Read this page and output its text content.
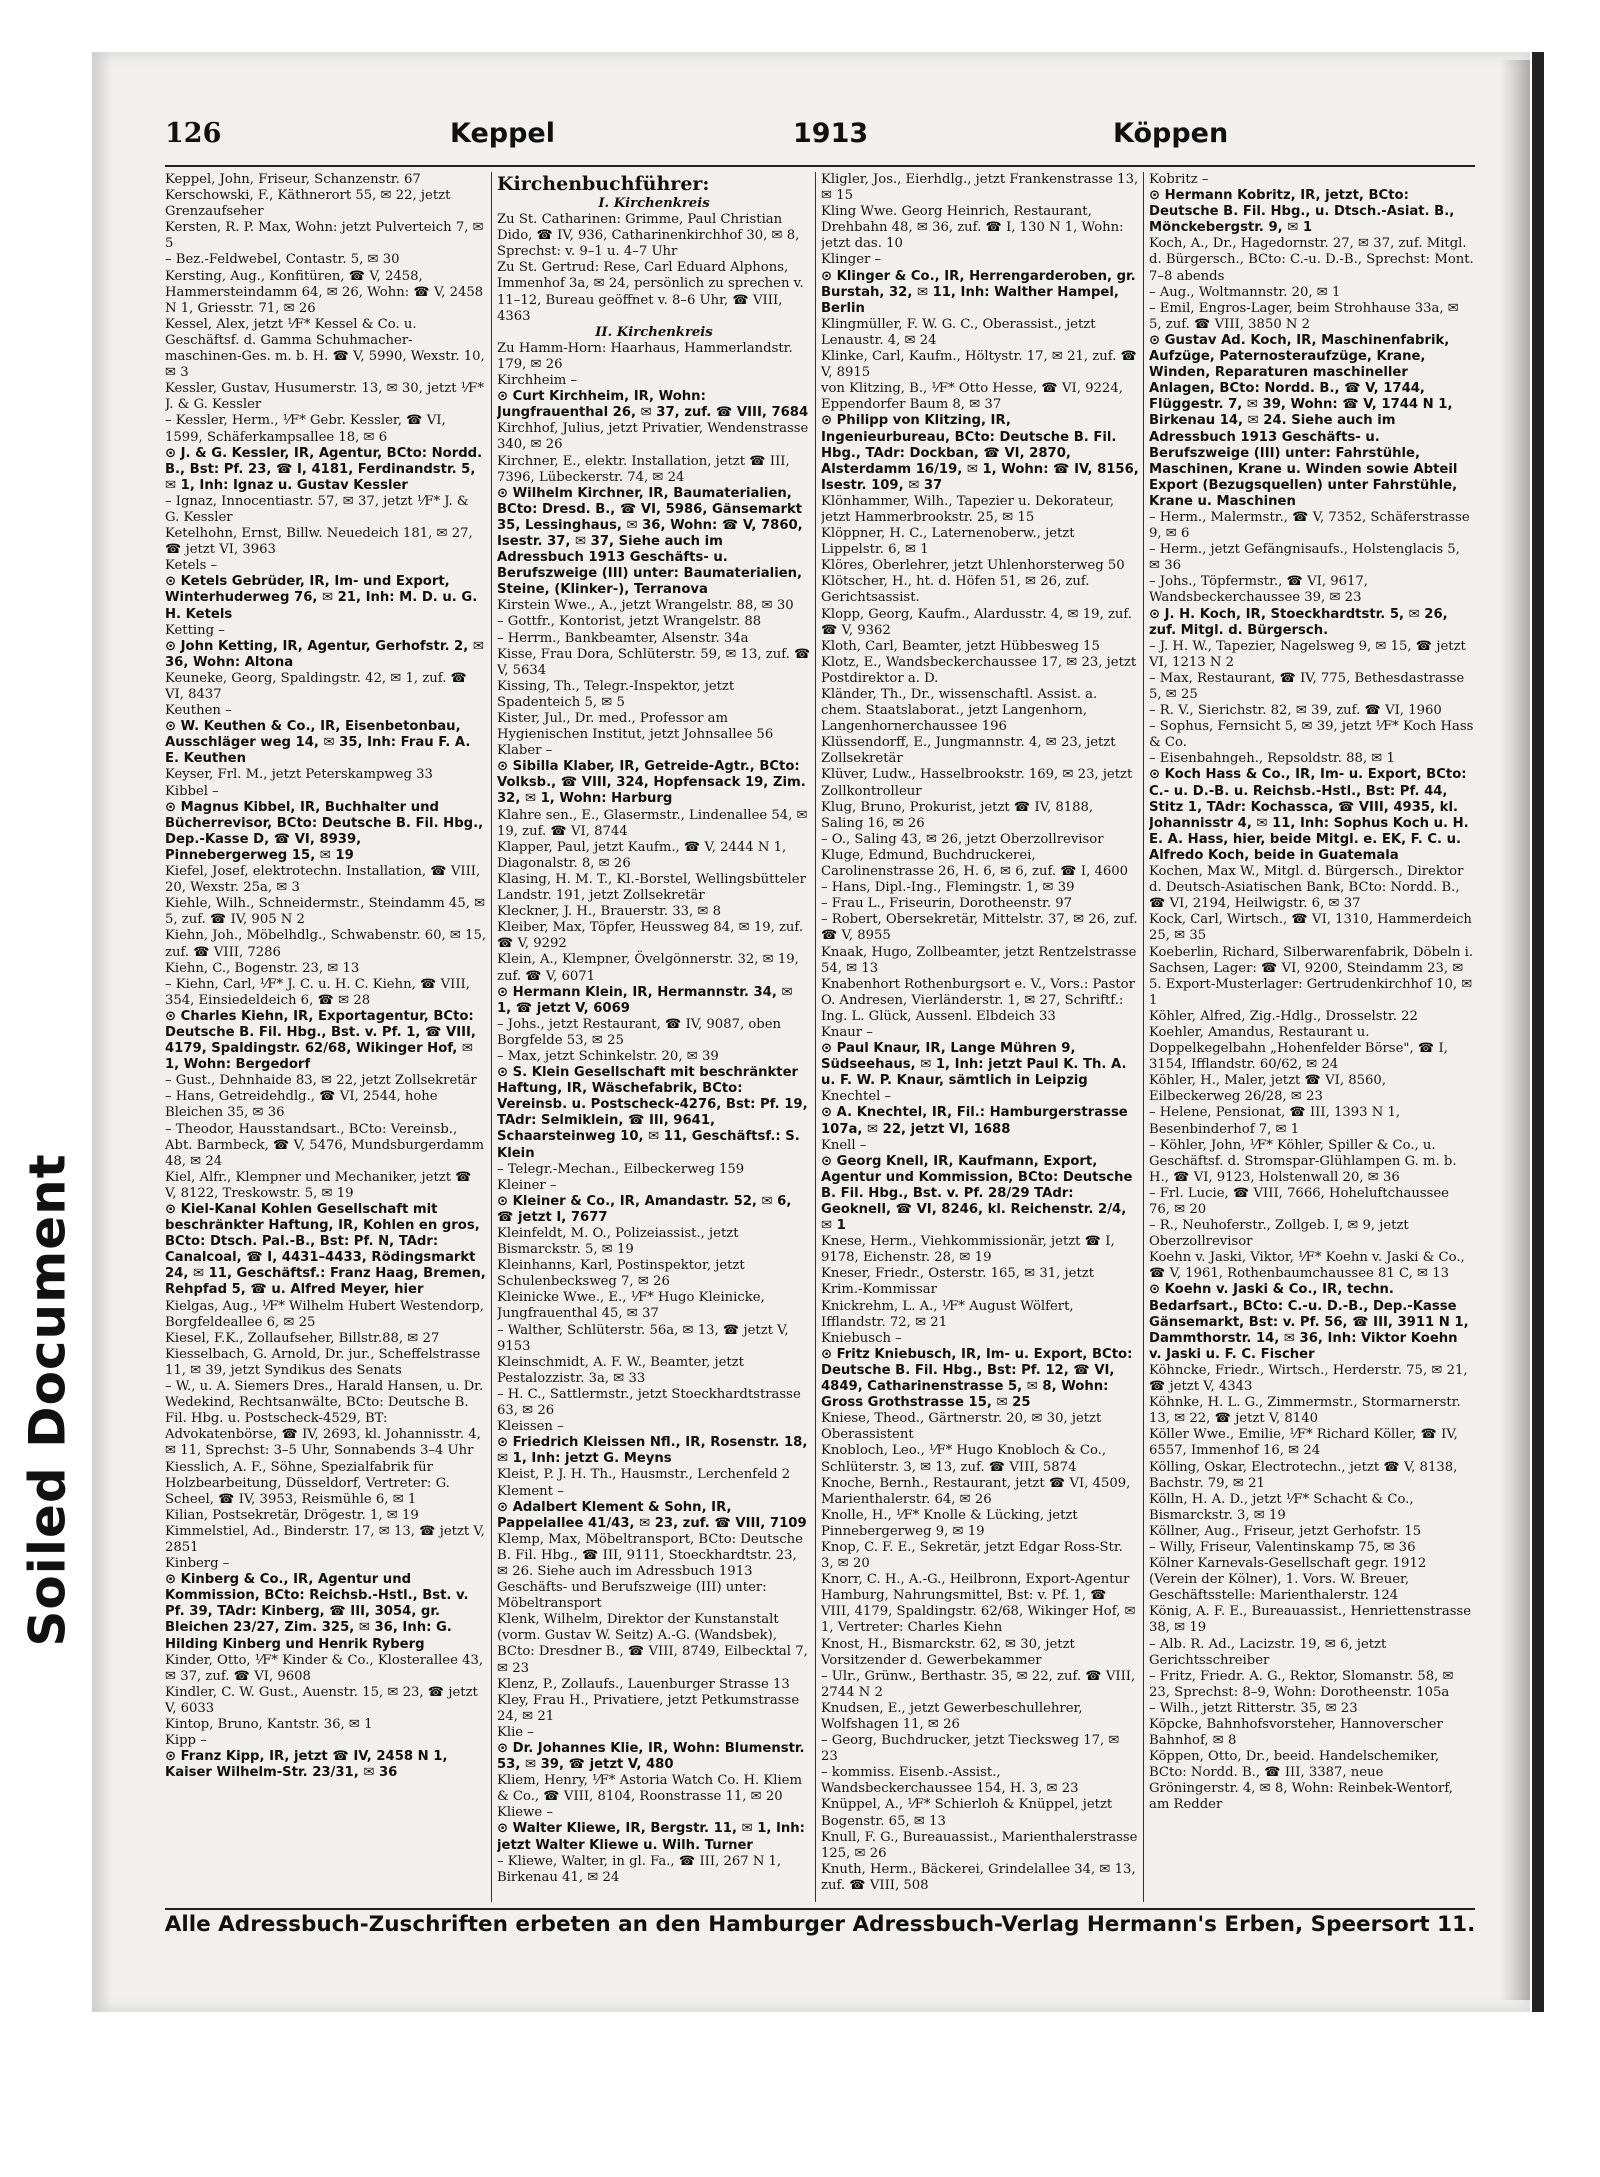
Soiled Document
126	Keppel	1913	Köppen

Keppel, John, Friseur, Schanzenstr. 67

Kerschowski, F., Käthnerort 55, ✉ 22, jetzt Grenzaufseher

Kersten, R. P. Max, Wohn: jetzt Pulverteich 7, ✉ 5

– Bez.-Feldwebel, Contastr. 5, ✉ 30

Kersting, Aug., Konfitüren, ☎ V, 2458, Hammersteindamm 64, ✉ 26, Wohn: ☎ V, 2458 N 1, Griesstr. 71, ✉ 26

Kessel, Alex, jetzt ⅟F* Kessel & Co. u. Geschäftsf. d. Gamma Schuhmacher-maschinen-Ges. m. b. H. ☎ V, 5990, Wexstr. 10, ✉ 3

Kessler, Gustav, Husumerstr. 13, ✉ 30, jetzt ⅟F* J. & G. Kessler

– Kessler, Herm., ⅟F* Gebr. Kessler, ☎ VI, 1599, Schäferkampsallee 18, ✉ 6

⊙ J. & G. Kessler, IR, Agentur, BCto: Nordd. B., Bst: Pf. 23, ☎ I, 4181, Ferdinandstr. 5, ✉ 1, Inh: Ignaz u. Gustav Kessler

– Ignaz, Innocentiastr. 57, ✉ 37, jetzt ⅟F* J. & G. Kessler

Ketelhohn, Ernst, Billw. Neuedeich 181, ✉ 27, ☎ jetzt VI, 3963

Ketels –

⊙ Ketels Gebrüder, IR, Im- und Export, Winterhuderweg 76, ✉ 21, Inh: M. D. u. G. H. Ketels

Ketting –

⊙ John Ketting, IR, Agentur, Gerhofstr. 2, ✉ 36, Wohn: Altona

Keuneke, Georg, Spaldingstr. 42, ✉ 1, zuf. ☎ VI, 8437

Keuthen –

⊙ W. Keuthen & Co., IR, Eisenbetonbau, Ausschläger weg 14, ✉ 35, Inh: Frau F. A. E. Keuthen

Keyser, Frl. M., jetzt Peterskampweg 33

Kibbel –

⊙ Magnus Kibbel, IR, Buchhalter und Bücherrevisor, BCto: Deutsche B. Fil. Hbg., Dep.-Kasse D, ☎ VI, 8939, Pinnebergerweg 15, ✉ 19

Kiefel, Josef, elektrotechn. Installation, ☎ VIII, 20, Wexstr. 25a, ✉ 3

Kiehle, Wilh., Schneidermstr., Steindamm 45, ✉ 5, zuf. ☎ IV, 905 N 2

Kiehn, Joh., Möbelhdlg., Schwabenstr. 60, ✉ 15, zuf. ☎ VIII, 7286

Kiehn, C., Bogenstr. 23, ✉ 13

– Kiehn, Carl, ⅟F* J. C. u. H. C. Kiehn, ☎ VIII, 354, Einsiedeldeich 6, ☎ ✉ 28

⊙ Charles Kiehn, IR, Exportagentur, BCto: Deutsche B. Fil. Hbg., Bst. v. Pf. 1, ☎ VIII, 4179, Spaldingstr. 62/68, Wikinger Hof, ✉ 1, Wohn: Bergedorf

– Gust., Dehnhaide 83, ✉ 22, jetzt Zollsekretär

– Hans, Getreidehdlg., ☎ VI, 2544, hohe Bleichen 35, ✉ 36

– Theodor, Hausstandsart., BCto: Vereinsb., Abt. Barmbeck, ☎ V, 5476, Mundsburgerdamm 48, ✉ 24

Kiel, Alfr., Klempner und Mechaniker, jetzt ☎ V, 8122, Treskowstr. 5, ✉ 19

⊙ Kiel-Kanal Kohlen Gesellschaft mit beschränkter Haftung, IR, Kohlen en gros, BCto: Dtsch. Pal.-B., Bst: Pf. N, TAdr: Canalcoal, ☎ I, 4431–4433, Rödingsmarkt 24, ✉ 11, Geschäftsf.: Franz Haag, Bremen, Rehpfad 5, ☎ u. Alfred Meyer, hier

Kielgas, Aug., ⅟F* Wilhelm Hubert Westendorp, Borgfeldeallee 6, ✉ 25

Kiesel, F.K., Zollaufseher, Billstr.88, ✉ 27

Kiesselbach, G. Arnold, Dr. jur., Scheffelstrasse 11, ✉ 39, jetzt Syndikus des Senats

– W., u. A. Siemers Dres., Harald Hansen, u. Dr. Wedekind, Rechtsanwälte, BCto: Deutsche B. Fil. Hbg. u. Postscheck-4529, BT: Advokatenbörse, ☎ IV, 2693, kl. Johannisstr. 4, ✉ 11, Sprechst: 3–5 Uhr, Sonnabends 3–4 Uhr

Kiesslich, A. F., Söhne, Spezialfabrik für Holzbearbeitung, Düsseldorf, Vertreter: G. Scheel, ☎ IV, 3953, Reismühle 6, ✉ 1

Kilian, Postsekretär, Drögestr. 1, ✉ 19

Kimmelstiel, Ad., Binderstr. 17, ✉ 13, ☎ jetzt V, 2851

Kinberg –

⊙ Kinberg & Co., IR, Agentur und Kommission, BCto: Reichsb.-Hstl., Bst. v. Pf. 39, TAdr: Kinberg, ☎ III, 3054, gr. Bleichen 23/27, Zim. 325, ✉ 36, Inh: G. Hilding Kinberg und Henrik Ryberg

Kinder, Otto, ⅟F* Kinder & Co., Klosterallee 43, ✉ 37, zuf. ☎ VI, 9608

Kindler, C. W. Gust., Auenstr. 15, ✉ 23, ☎ jetzt V, 6033

Kintop, Bruno, Kantstr. 36, ✉ 1

Kipp –

⊙ Franz Kipp, IR, jetzt ☎ IV, 2458 N 1, Kaiser Wilhelm-Str. 23/31, ✉ 36

Kirchenbuchführer:

I. Kirchenkreis

Zu St. Catharinen: Grimme, Paul Christian Dido, ☎ IV, 936, Catharinenkirchhof 30, ✉ 8, Sprechst: v. 9–1 u. 4–7 Uhr

Zu St. Gertrud: Rese, Carl Eduard Alphons, Immenhof 3a, ✉ 24, persönlich zu sprechen v. 11–12, Bureau geöffnet v. 8–6 Uhr, ☎ VIII, 4363

II. Kirchenkreis

Zu Hamm-Horn: Haarhaus, Hammerlandstr. 179, ✉ 26

Kirchheim –

⊙ Curt Kirchheim, IR, Wohn: Jungfrauenthal 26, ✉ 37, zuf. ☎ VIII, 7684

Kirchhof, Julius, jetzt Privatier, Wendenstrasse 340, ✉ 26

Kirchner, E., elektr. Installation, jetzt ☎ III, 7396, Lübeckerstr. 74, ✉ 24

⊙ Wilhelm Kirchner, IR, Baumaterialien, BCto: Dresd. B., ☎ VI, 5986, Gänsemarkt 35, Lessinghaus, ✉ 36, Wohn: ☎ V, 7860, Isestr. 37, ✉ 37, Siehe auch im Adressbuch 1913 Geschäfts- u. Berufszweige (III) unter: Baumaterialien, Steine, (Klinker-), Terranova

Kirstein Wwe., A., jetzt Wrangelstr. 88, ✉ 30

– Gottfr., Kontorist, jetzt Wrangelstr. 88

– Herrm., Bankbeamter, Alsenstr. 34a

Kisse, Frau Dora, Schlüterstr. 59, ✉ 13, zuf. ☎ V, 5634

Kissing, Th., Telegr.-Inspektor, jetzt Spadenteich 5, ✉ 5

Kister, Jul., Dr. med., Professor am Hygienischen Institut, jetzt Johnsallee 56

Klaber –

⊙ Sibilla Klaber, IR, Getreide-Agtr., BCto: Volksb., ☎ VIII, 324, Hopfensack 19, Zim. 32, ✉ 1, Wohn: Harburg

Klahre sen., E., Glasermstr., Lindenallee 54, ✉ 19, zuf. ☎ VI, 8744

Klapper, Paul, jetzt Kaufm., ☎ V, 2444 N 1, Diagonalstr. 8, ✉ 26

Klasing, H. M. T., Kl.-Borstel, Wellingsbütteler Landstr. 191, jetzt Zollsekretär

Kleckner, J. H., Brauerstr. 33, ✉ 8

Kleiber, Max, Töpfer, Heussweg 84, ✉ 19, zuf. ☎ V, 9292

Klein, A., Klempner, Övelgönnerstr. 32, ✉ 19, zuf. ☎ V, 6071

⊙ Hermann Klein, IR, Hermannstr. 34, ✉ 1, ☎ jetzt V, 6069

– Johs., jetzt Restaurant, ☎ IV, 9087, oben Borgfelde 53, ✉ 25

– Max, jetzt Schinkelstr. 20, ✉ 39

⊙ S. Klein Gesellschaft mit beschränkter Haftung, IR, Wäschefabrik, BCto: Vereinsb. u. Postscheck-4276, Bst: Pf. 19, TAdr: Selmiklein, ☎ III, 9641, Schaarsteinweg 10, ✉ 11, Geschäftsf.: S. Klein

– Telegr.-Mechan., Eilbeckerweg 159

Kleiner –

⊙ Kleiner & Co., IR, Amandastr. 52, ✉ 6, ☎ jetzt I, 7677

Kleinfeldt, M. O., Polizeiassist., jetzt Bismarckstr. 5, ✉ 19

Kleinhanns, Karl, Postinspektor, jetzt Schulenbecksweg 7, ✉ 26

Kleinicke Wwe., E., ⅟F* Hugo Kleinicke, Jungfrauenthal 45, ✉ 37

– Walther, Schlüterstr. 56a, ✉ 13, ☎ jetzt V, 9153

Kleinschmidt, A. F. W., Beamter, jetzt Pestalozzistr. 3a, ✉ 33

– H. C., Sattlermstr., jetzt Stoeckhardtstrasse 63, ✉ 26

Kleissen –

⊙ Friedrich Kleissen Nfl., IR, Rosenstr. 18, ✉ 1, Inh: jetzt G. Meyns

Kleist, P. J. H. Th., Hausmstr., Lerchenfeld 2

Klement –

⊙ Adalbert Klement & Sohn, IR, Pappelallee 41/43, ✉ 23, zuf. ☎ VIII, 7109

Klemp, Max, Möbeltransport, BCto: Deutsche B. Fil. Hbg., ☎ III, 9111, Stoeckhardtstr. 23, ✉ 26. Siehe auch im Adressbuch 1913 Geschäfts- und Berufszweige (III) unter: Möbeltransport

Klenk, Wilhelm, Direktor der Kunstanstalt (vorm. Gustav W. Seitz) A.-G. (Wandsbek), BCto: Dresdner B., ☎ VIII, 8749, Eilbecktal 7, ✉ 23

Klenz, P., Zollaufs., Lauenburger Strasse 13

Kley, Frau H., Privatiere, jetzt Petkumstrasse 24, ✉ 21

Klie –

⊙ Dr. Johannes Klie, IR, Wohn: Blumenstr. 53, ✉ 39, ☎ jetzt V, 480

Kliem, Henry, ⅟F* Astoria Watch Co. H. Kliem & Co., ☎ VIII, 8104, Roonstrasse 11, ✉ 20

Kliewe –

⊙ Walter Kliewe, IR, Bergstr. 11, ✉ 1, Inh: jetzt Walter Kliewe u. Wilh. Turner

– Kliewe, Walter, in gl. Fa., ☎ III, 267 N 1, Birkenau 41, ✉ 24

Kligler, Jos., Eierhdlg., jetzt Frankenstrasse 13, ✉ 15

Kling Wwe. Georg Heinrich, Restaurant, Drehbahn 48, ✉ 36, zuf. ☎ I, 130 N 1, Wohn: jetzt das. 10

Klinger –

⊙ Klinger & Co., IR, Herrengarderoben, gr. Burstah, 32, ✉ 11, Inh: Walther Hampel, Berlin

Klingmüller, F. W. G. C., Oberassist., jetzt Lenaustr. 4, ✉ 24

Klinke, Carl, Kaufm., Höltystr. 17, ✉ 21, zuf. ☎ V, 8915

von Klitzing, B., ⅟F* Otto Hesse, ☎ VI, 9224, Eppendorfer Baum 8, ✉ 37

⊙ Philipp von Klitzing, IR, Ingenieurbureau, BCto: Deutsche B. Fil. Hbg., TAdr: Dockban, ☎ VI, 2870, Alsterdamm 16/19, ✉ 1, Wohn: ☎ IV, 8156, Isestr. 109, ✉ 37

Klönhammer, Wilh., Tapezier u. Dekorateur, jetzt Hammerbrookstr. 25, ✉ 15

Klöppner, H. C., Laternenoberw., jetzt Lippelstr. 6, ✉ 1

Klöres, Oberlehrer, jetzt Uhlenhorsterweg 50

Klötscher, H., ht. d. Höfen 51, ✉ 26, zuf. Gerichtsassist.

Klopp, Georg, Kaufm., Alardusstr. 4, ✉ 19, zuf. ☎ V, 9362

Kloth, Carl, Beamter, jetzt Hübbesweg 15

Klotz, E., Wandsbeckerchaussee 17, ✉ 23, jetzt Postdirektor a. D.

Kländer, Th., Dr., wissenschaftl. Assist. a. chem. Staatslaborat., jetzt Langenhorn, Langenhornerchaussee 196

Klüssendorff, E., Jungmannstr. 4, ✉ 23, jetzt Zollsekretär

Klüver, Ludw., Hasselbrookstr. 169, ✉ 23, jetzt Zollkontrolleur

Klug, Bruno, Prokurist, jetzt ☎ IV, 8188, Saling 16, ✉ 26

– O., Saling 43, ✉ 26, jetzt Oberzollrevisor

Kluge, Edmund, Buchdruckerei, Carolinenstrasse 26, H. 6, ✉ 6, zuf. ☎ I, 4600

– Hans, Dipl.-Ing., Flemingstr. 1, ✉ 39

– Frau L., Friseurin, Dorotheenstr. 97

– Robert, Obersekretär, Mittelstr. 37, ✉ 26, zuf. ☎ V, 8955

Knaak, Hugo, Zollbeamter, jetzt Rentzelstrasse 54, ✉ 13

Knabenhort Rothenburgsort e. V., Vors.: Pastor O. Andresen, Vierländerstr. 1, ✉ 27, Schriftf.: Ing. L. Glück, Aussenl. Elbdeich 33

Knaur –

⊙ Paul Knaur, IR, Lange Mühren 9, Südseehaus, ✉ 1, Inh: jetzt Paul K. Th. A. u. F. W. P. Knaur, sämtlich in Leipzig

Knechtel –

⊙ A. Knechtel, IR, Fil.: Hamburgerstrasse 107a, ✉ 22, jetzt VI, 1688

Knell –

⊙ Georg Knell, IR, Kaufmann, Export, Agentur und Kommission, BCto: Deutsche B. Fil. Hbg., Bst. v. Pf. 28/29 TAdr: Geoknell, ☎ VI, 8246, kl. Reichenstr. 2/4, ✉ 1

Knese, Herm., Viehkommissionär, jetzt ☎ I, 9178, Eichenstr. 28, ✉ 19

Kneser, Friedr., Osterstr. 165, ✉ 31, jetzt Krim.-Kommissar

Knickrehm, L. A., ⅟F* August Wölfert, Ifflandstr. 72, ✉ 21

Kniebusch –

⊙ Fritz Kniebusch, IR, Im- u. Export, BCto: Deutsche B. Fil. Hbg., Bst: Pf. 12, ☎ VI, 4849, Catharinenstrasse 5, ✉ 8, Wohn: Gross Grothstrasse 15, ✉ 25

Kniese, Theod., Gärtnerstr. 20, ✉ 30, jetzt Oberassistent

Knobloch, Leo., ⅟F* Hugo Knobloch & Co., Schlüterstr. 3, ✉ 13, zuf. ☎ VIII, 5874

Knoche, Bernh., Restaurant, jetzt ☎ VI, 4509, Marienthalerstr. 64, ✉ 26

Knolle, H., ⅟F* Knolle & Lücking, jetzt Pinnebergerweg 9, ✉ 19

Knop, C. F. E., Sekretär, jetzt Edgar Ross-Str. 3, ✉ 20

Knorr, C. H., A.-G., Heilbronn, Export-Agentur Hamburg, Nahrungsmittel, Bst: v. Pf. 1, ☎ VIII, 4179, Spaldingstr. 62/68, Wikinger Hof, ✉ 1, Vertreter: Charles Kiehn

Knost, H., Bismarckstr. 62, ✉ 30, jetzt Vorsitzender d. Gewerbekammer

– Ulr., Grünw., Berthastr. 35, ✉ 22, zuf. ☎ VIII, 2744 N 2

Knudsen, E., jetzt Gewerbeschullehrer, Wolfshagen 11, ✉ 26

– Georg, Buchdrucker, jetzt Tiecksweg 17, ✉ 23

– kommiss. Eisenb.-Assist., Wandsbeckerchaussee 154, H. 3, ✉ 23

Knüppel, A., ⅟F* Schierloh & Knüppel, jetzt Bogenstr. 65, ✉ 13

Knull, F. G., Bureauassist., Marienthalerstrasse 125, ✉ 26

Knuth, Herm., Bäckerei, Grindelallee 34, ✉ 13, zuf. ☎ VIII, 508

Kobritz –

⊙ Hermann Kobritz, IR, jetzt, BCto: Deutsche B. Fil. Hbg., u. Dtsch.-Asiat. B., Mönckebergstr. 9, ✉ 1

Koch, A., Dr., Hagedornstr. 27, ✉ 37, zuf. Mitgl. d. Bürgersch., BCto: C.-u. D.-B., Sprechst: Mont. 7–8 abends

– Aug., Woltmannstr. 20, ✉ 1

– Emil, Engros-Lager, beim Strohhause 33a, ✉ 5, zuf. ☎ VIII, 3850 N 2

⊙ Gustav Ad. Koch, IR, Maschinenfabrik, Aufzüge, Paternosteraufzüge, Krane, Winden, Reparaturen maschineller Anlagen, BCto: Nordd. B., ☎ V, 1744, Flüggestr. 7, ✉ 39, Wohn: ☎ V, 1744 N 1, Birkenau 14, ✉ 24. Siehe auch im Adressbuch 1913 Geschäfts- u. Berufszweige (III) unter: Fahrstühle, Maschinen, Krane u. Winden sowie Abteil Export (Bezugsquellen) unter Fahrstühle, Krane u. Maschinen

– Herm., Malermstr., ☎ V, 7352, Schäferstrasse 9, ✉ 6

– Herm., jetzt Gefängnisaufs., Holstenglacis 5, ✉ 36

– Johs., Töpfermstr., ☎ VI, 9617, Wandsbeckerchaussee 39, ✉ 23

⊙ J. H. Koch, IR, Stoeckhardtstr. 5, ✉ 26, zuf. Mitgl. d. Bürgersch.

– J. H. W., Tapezier, Nagelsweg 9, ✉ 15, ☎ jetzt VI, 1213 N 2

– Max, Restaurant, ☎ IV, 775, Bethesdastrasse 5, ✉ 25

– R. V., Sierichstr. 82, ✉ 39, zuf. ☎ VI, 1960

– Sophus, Fernsicht 5, ✉ 39, jetzt ⅟F* Koch Hass & Co.

– Eisenbahngeh., Repsoldstr. 88, ✉ 1

⊙ Koch Hass & Co., IR, Im- u. Export, BCto: C.- u. D.-B. u. Reichsb.-Hstl., Bst: Pf. 44, Stitz 1, TAdr: Kochassca, ☎ VIII, 4935, kl. Johannisstr 4, ✉ 11, Inh: Sophus Koch u. H. E. A. Hass, hier, beide Mitgl. e. EK, F. C. u. Alfredo Koch, beide in Guatemala

Kochen, Max W., Mitgl. d. Bürgersch., Direktor d. Deutsch-Asiatischen Bank, BCto: Nordd. B., ☎ VI, 2194, Heilwigstr. 6, ✉ 37

Kock, Carl, Wirtsch., ☎ VI, 1310, Hammerdeich 25, ✉ 35

Koeberlin, Richard, Silberwarenfabrik, Döbeln i. Sachsen, Lager: ☎ VI, 9200, Steindamm 23, ✉ 5. Export-Musterlager: Gertrudenkirchhof 10, ✉ 1

Köhler, Alfred, Zig.-Hdlg., Drosselstr. 22

Koehler, Amandus, Restaurant u. Doppelkegelbahn „Hohenfelder Börse", ☎ I, 3154, Ifflandstr. 60/62, ✉ 24

Köhler, H., Maler, jetzt ☎ VI, 8560, Eilbeckerweg 26/28, ✉ 23

– Helene, Pensionat, ☎ III, 1393 N 1, Besenbinderhof 7, ✉ 1

– Köhler, John, ⅟F* Köhler, Spiller & Co., u. Geschäftsf. d. Stromspar-Glühlampen G. m. b. H., ☎ VI, 9123, Holstenwall 20, ✉ 36

– Frl. Lucie, ☎ VIII, 7666, Hoheluftchaussee 76, ✉ 20

– R., Neuhoferstr., Zollgeb. I, ✉ 9, jetzt Oberzollrevisor

Koehn v. Jaski, Viktor, ⅟F* Koehn v. Jaski & Co., ☎ V, 1961, Rothenbaumchaussee 81 C, ✉ 13

⊙ Koehn v. Jaski & Co., IR, techn. Bedarfsart., BCto: C.-u. D.-B., Dep.-Kasse Gänsemarkt, Bst: v. Pf. 56, ☎ III, 3911 N 1, Dammthorstr. 14, ✉ 36, Inh: Viktor Koehn v. Jaski u. F. C. Fischer

Köhncke, Friedr., Wirtsch., Herderstr. 75, ✉ 21, ☎ jetzt V, 4343

Köhnke, H. L. G., Zimmermstr., Stormarnerstr. 13, ✉ 22, ☎ jetzt V, 8140

Köller Wwe., Emilie, ⅟F* Richard Köller, ☎ IV, 6557, Immenhof 16, ✉ 24

Kölling, Oskar, Electrotechn., jetzt ☎ V, 8138, Bachstr. 79, ✉ 21

Kölln, H. A. D., jetzt ⅟F* Schacht & Co., Bismarckstr. 3, ✉ 19

Köllner, Aug., Friseur, jetzt Gerhofstr. 15

– Willy, Friseur, Valentinskamp 75, ✉ 36

Kölner Karnevals-Gesellschaft gegr. 1912 (Verein der Kölner), 1. Vors. W. Breuer, Geschäftsstelle: Marienthalerstr. 124

König, A. F. E., Bureauassist., Henriettenstrasse 38, ✉ 19

– Alb. R. Ad., Lacizstr. 19, ✉ 6, jetzt Gerichtsschreiber

– Fritz, Friedr. A. G., Rektor, Slomanstr. 58, ✉ 23, Sprechst: 8–9, Wohn: Dorotheenstr. 105a

– Wilh., jetzt Ritterstr. 35, ✉ 23

Köpcke, Bahnhofsvorsteher, Hannoverscher Bahnhof, ✉ 8

Köppen, Otto, Dr., beeid. Handelschemiker, BCto: Nordd. B., ☎ III, 3387, neue Gröningerstr. 4, ✉ 8, Wohn: Reinbek-Wentorf, am Redder

Alle Adressbuch-Zuschriften erbeten an den Hamburger Adressbuch-Verlag Hermann's Erben, Speersort 11.
